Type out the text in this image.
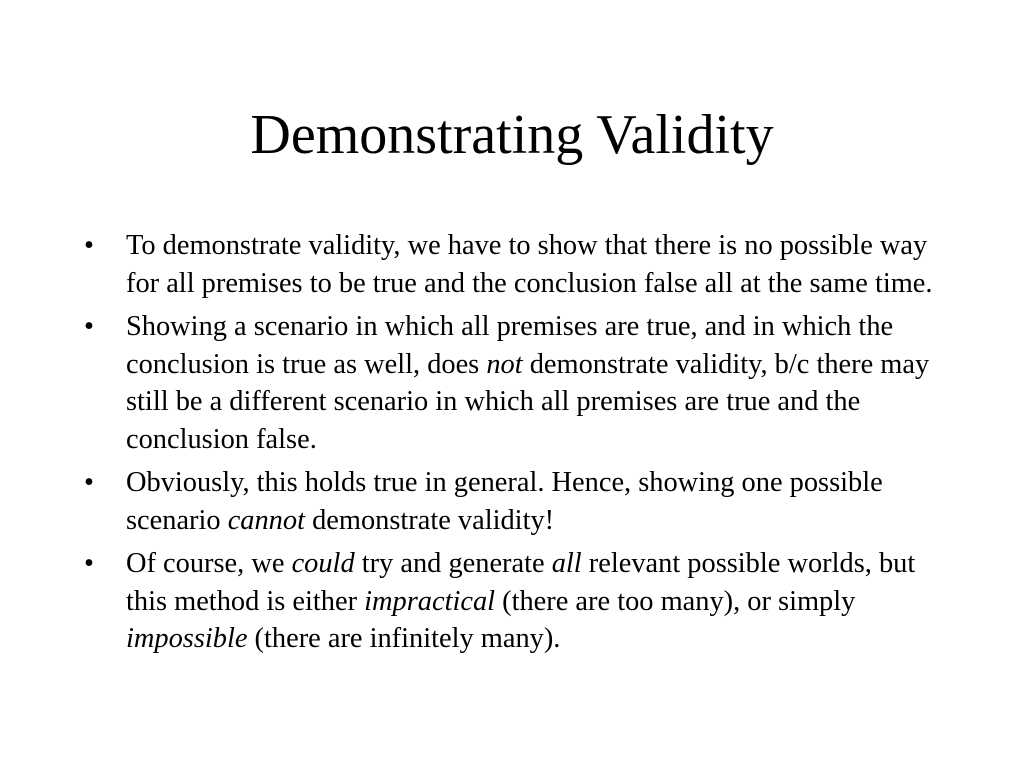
Demonstrating Validity
• To demonstrate validity, we have to show that there is no possible way for all premises to be true and the conclusion false all at the same time.
• Showing a scenario in which all premises are true, and in which the conclusion is true as well, does not demonstrate validity, b/c there may still be a different scenario in which all premises are true and the conclusion false.
• Obviously, this holds true in general. Hence, showing one possible scenario cannot demonstrate validity!
• Of course, we could try and generate all relevant possible worlds, but this method is either impractical (there are too many), or simply impossible (there are infinitely many).
